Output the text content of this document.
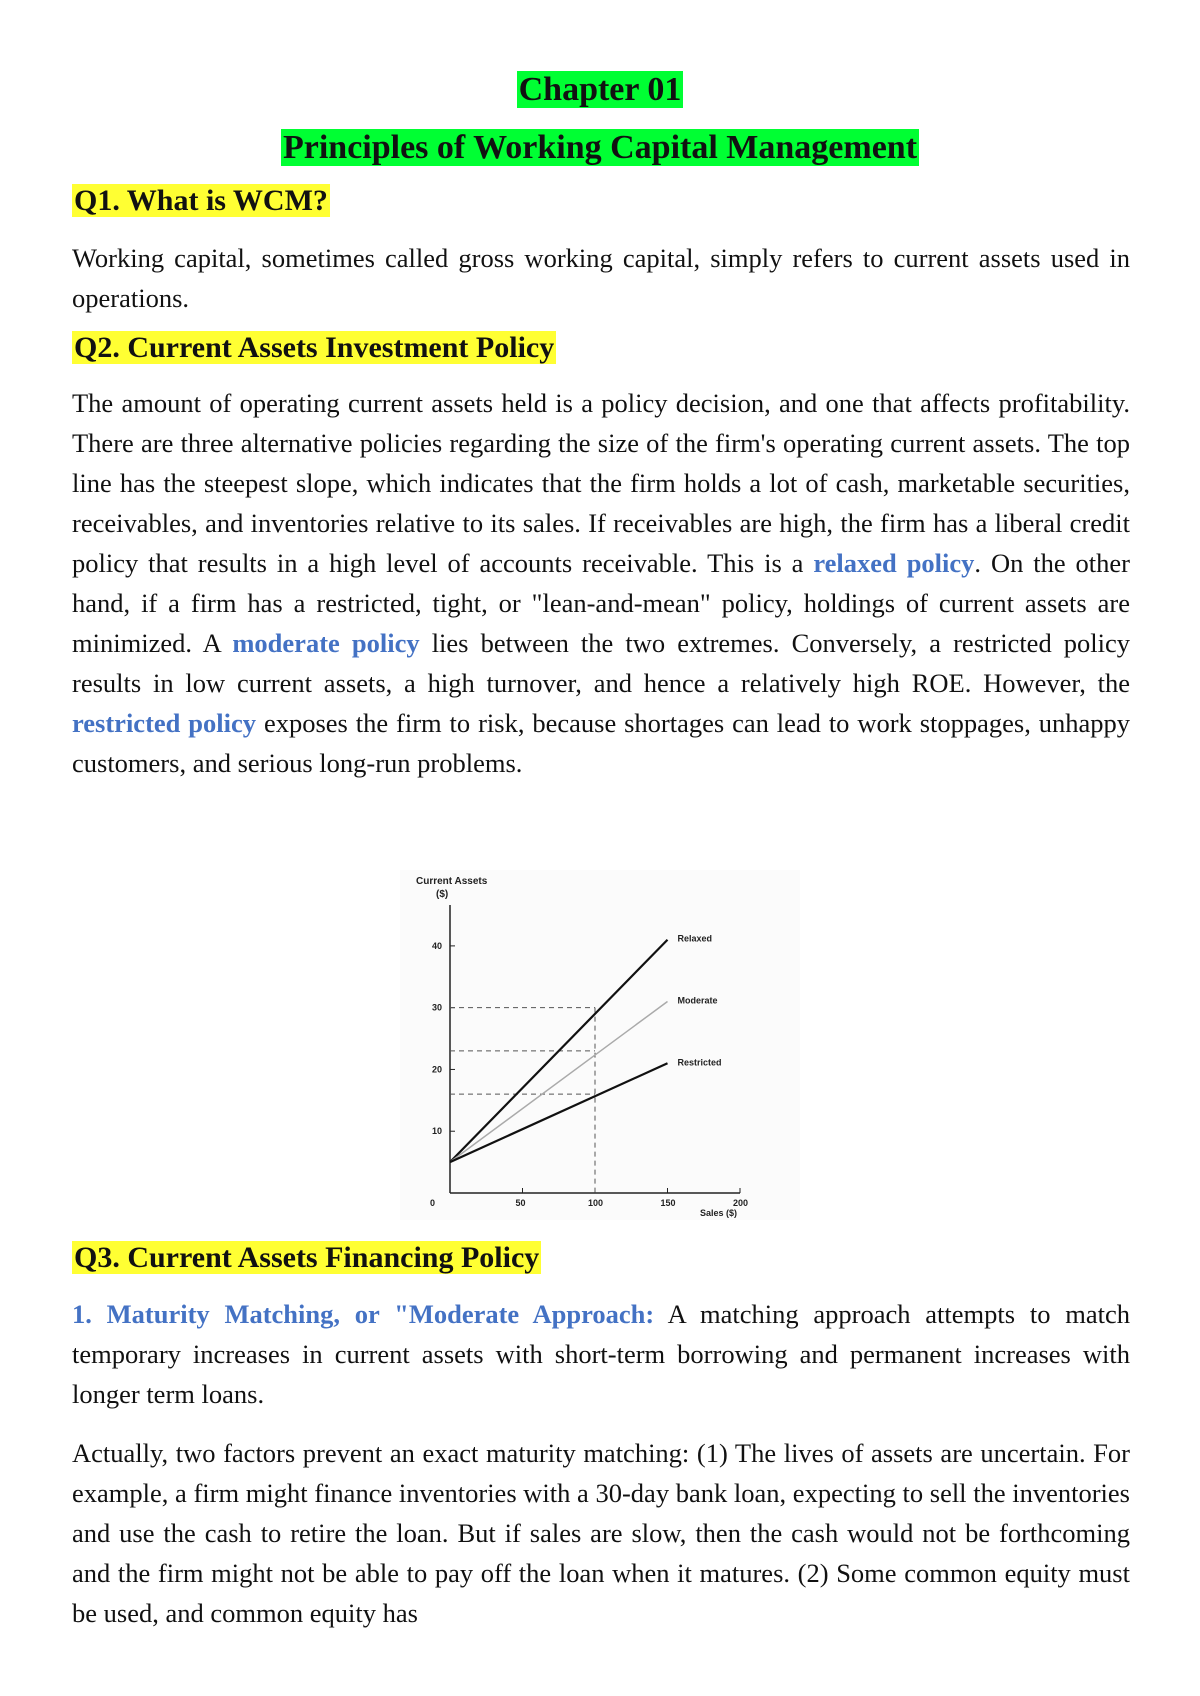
Chapter 01
Principles of Working Capital Management
Q1. What is WCM?

Working capital, sometimes called gross working capital, simply refers to current assets used in operations.

Q2. Current Assets Investment Policy

The amount of operating current assets held is a policy decision, and one that affects profitability. There are three alternative policies regarding the size of the firm's operating current assets. The top line has the steepest slope, which indicates that the firm holds a lot of cash, marketable securities, receivables, and inventories relative to its sales. If receivables are high, the firm has a liberal credit policy that results in a high level of accounts receivable. This is a relaxed policy. On the other hand, if a firm has a restricted, tight, or "lean-and-mean" policy, holdings of current assets are minimized. A moderate policy lies between the two extremes. Conversely, a restricted policy results in low current assets, a high turnover, and hence a relatively high ROE. However, the restricted policy exposes the firm to risk, because shortages can lead to work stoppages, unhappy customers, and serious long-run problems.

Current Assets
($)
Sales ($)
0	50	100	150	200
10
20
30
40
Relaxed
Moderate
Restricted
Q3. Current Assets Financing Policy

1. Maturity Matching, or "Moderate Approach: A matching approach attempts to match temporary increases in current assets with short-term borrowing and permanent increases with longer term loans.

Actually, two factors prevent an exact maturity matching: (1) The lives of assets are uncertain. For example, a firm might finance inventories with a 30-day bank loan, expecting to sell the inventories and use the cash to retire the loan. But if sales are slow, then the cash would not be forthcoming and the firm might not be able to pay off the loan when it matures. (2) Some common equity must be used, and common equity has
